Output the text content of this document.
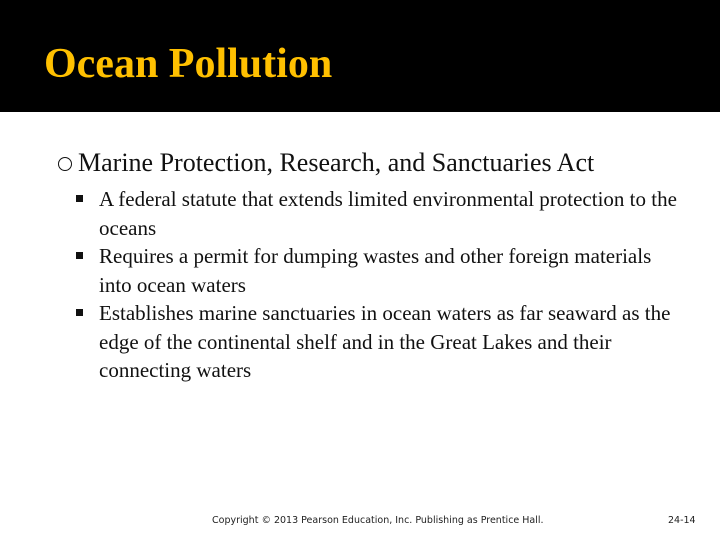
Ocean Pollution
Marine Protection, Research, and Sanctuaries Act
A federal statute that extends limited environmental protection to the oceans
Requires a permit for dumping wastes and other foreign materials into ocean waters
Establishes marine sanctuaries in ocean waters as far seaward as the edge of the continental shelf and in the Great Lakes and their connecting waters
Copyright © 2013 Pearson Education, Inc. Publishing as Prentice Hall.	24-14
